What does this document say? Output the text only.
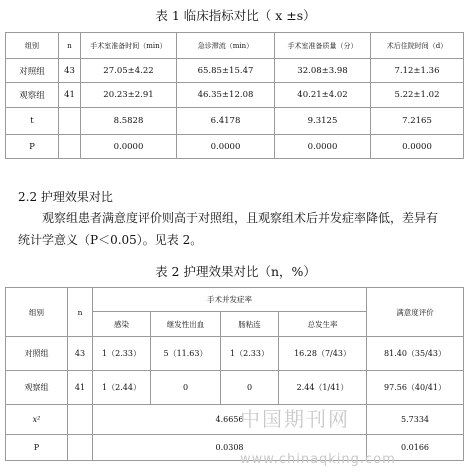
表 1 临床指标对比（ x ±s）
组别	n	手术室准备时间（min）	急诊滞流（min）	手术室准备质量（分）	术后住院时间（d）
对照组	43	27.05±4.22	65.85±15.47	32.08±3.98	7.12±1.36
观察组	41	20.23±2.91	46.35±12.08	40.21±4.02	5.22±1.02
t		8.5828	6.4178	9.3125	7.2165
P		0.0000	0.0000	0.0000	0.0000
2.2 护理效果对比
观察组患者满意度评价则高于对照组，且观察组术后并发症率降低，差异有
统计学意义（P＜0.05）。见表 2。
表 2 护理效果对比（n，%）
组别	n	手术并发症率				满意度评价
		感染	继发性出血	肠粘连	总发生率	
对照组	43	1（2.33）	5（11.63）	1（2.33）	16.28（7/43）	81.40（35/43）
观察组	41	1（2.44）	0	0	2.44（1/41）	97.56（40/41）
x²		4.6656				5.7334
P		0.0308				0.0166
中国期刊网
www.chinaqking.com
